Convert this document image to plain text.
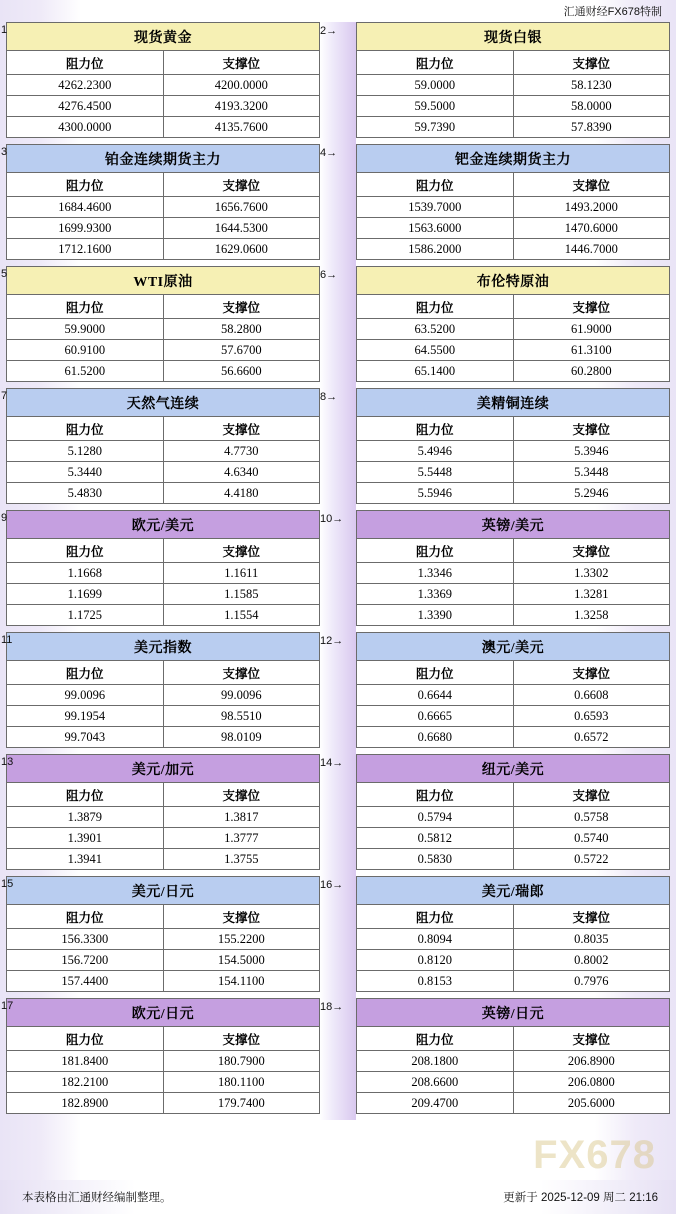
汇通财经FX678特制
1
现货黄金
阻力位	支撑位
4262.2300	4200.0000
4276.4500	4193.3200
4300.0000	4135.7600
3
铂金连续期货主力
阻力位	支撑位
1684.4600	1656.7600
1699.9300	1644.5300
1712.1600	1629.0600
5
WTI原油
阻力位	支撑位
59.9000	58.2800
60.9100	57.6700
61.5200	56.6600
7
天然气连续
阻力位	支撑位
5.1280	4.7730
5.3440	4.6340
5.4830	4.4180
9
欧元/美元
阻力位	支撑位
1.1668	1.1611
1.1699	1.1585
1.1725	1.1554
11
美元指数
阻力位	支撑位
99.0096	99.0096
99.1954	98.5510
99.7043	98.0109
13
美元/加元
阻力位	支撑位
1.3879	1.3817
1.3901	1.3777
1.3941	1.3755
15
美元/日元
阻力位	支撑位
156.3300	155.2200
156.7200	154.5000
157.4400	154.1100
17
欧元/日元
阻力位	支撑位
181.8400	180.7900
182.2100	180.1100
182.8900	179.7400
2→
4→
6→
8→
10→
12→
14→
16→
18→
现货白银
阻力位	支撑位
59.0000	58.1230
59.5000	58.0000
59.7390	57.8390
钯金连续期货主力
阻力位	支撑位
1539.7000	1493.2000
1563.6000	1470.6000
1586.2000	1446.7000
布伦特原油
阻力位	支撑位
63.5200	61.9000
64.5500	61.3100
65.1400	60.2800
美精铜连续
阻力位	支撑位
5.4946	5.3946
5.5448	5.3448
5.5946	5.2946
英镑/美元
阻力位	支撑位
1.3346	1.3302
1.3369	1.3281
1.3390	1.3258
澳元/美元
阻力位	支撑位
0.6644	0.6608
0.6665	0.6593
0.6680	0.6572
纽元/美元
阻力位	支撑位
0.5794	0.5758
0.5812	0.5740
0.5830	0.5722
美元/瑞郎
阻力位	支撑位
0.8094	0.8035
0.8120	0.8002
0.8153	0.7976
英镑/日元
阻力位	支撑位
208.1800	206.8900
208.6600	206.0800
209.4700	205.6000
FX678
本表格由汇通财经编制整理。	更新于 2025-12-09 周二 21:16
